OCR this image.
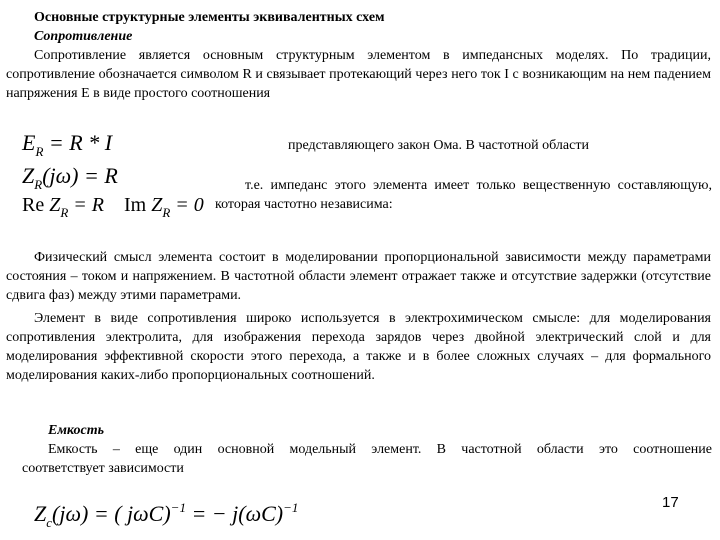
Основные структурные элементы эквивалентных схем
Сопротивление
Сопротивление является основным структурным элементом в импедансных моделях. По традиции, сопротивление обозначается символом R и связывает протекающий через него ток I с возникающим на нем падением напряжения E в виде простого соотношения
$E_R = R * I$	представляющего закон Ома. В частотной области
$Z_R(j\omega) = R$	т.е. импеданс этого элемента имеет только вещественную составляющую, которая частотно независима:
Re $Z_R = R$ Im $Z_R = 0$
Физический смысл элемента состоит в моделировании пропорциональной зависимости между параметрами состояния – током и напряжением. В частотной области элемент отражает также и отсутствие задержки (отсутствие сдвига фаз) между этими параметрами.
Элемент в виде сопротивления широко используется в электрохимическом смысле: для моделирования сопротивления электролита, для изображения перехода зарядов через двойной электрический слой и для моделирования эффективной скорости этого перехода, а также и в более сложных случаях – для формального моделирования каких-либо пропорциональных соотношений.
Емкость
Емкость – еще один основной модельный элемент. В частотной области это соотношение
соответствует зависимости
$Z_c(j\omega)$ = ( jωC)$^{-1}$ = − $j(\omega C)^{-1}$	17
